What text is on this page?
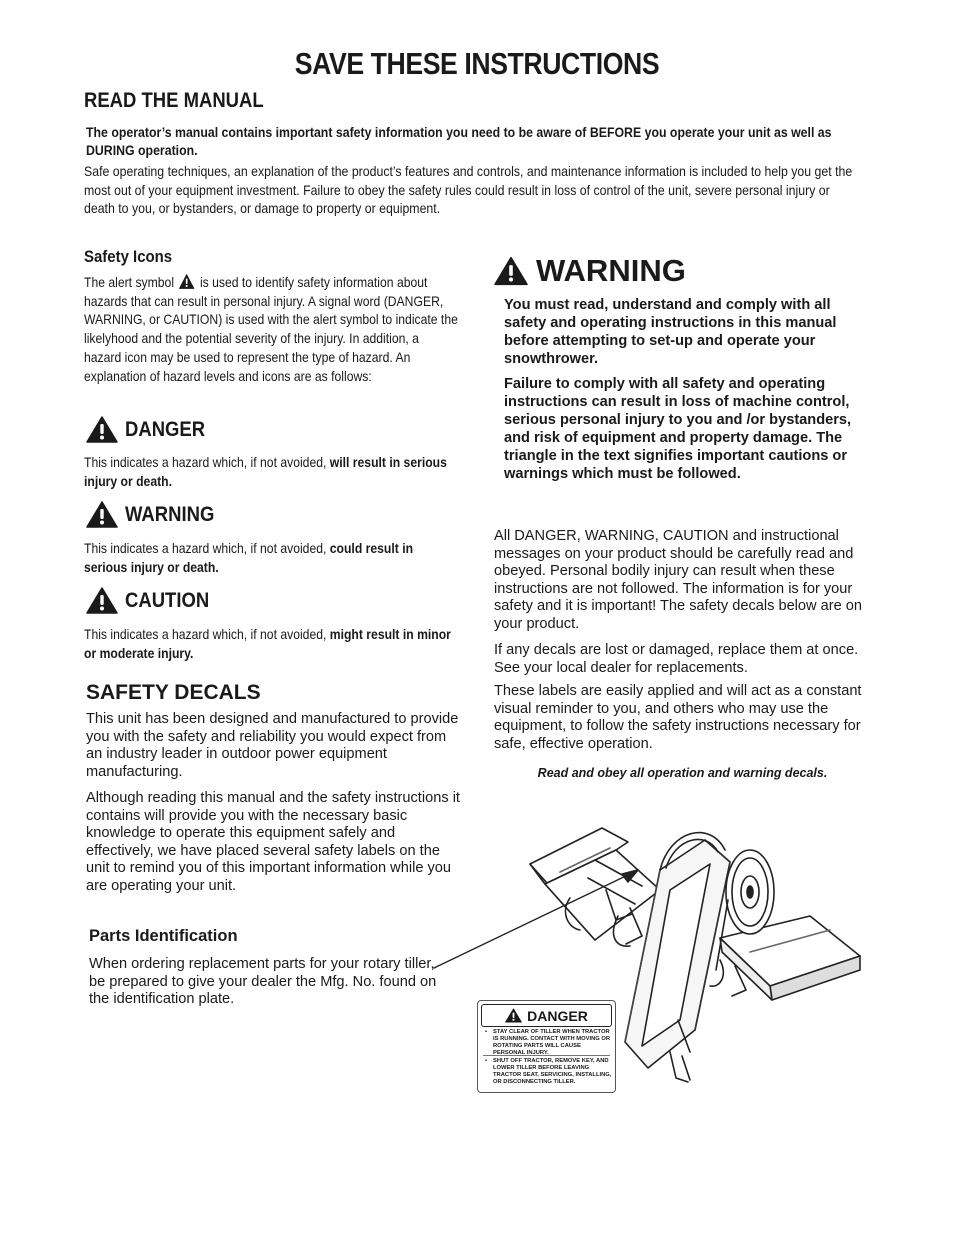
SAVE THESE INSTRUCTIONS
READ THE MANUAL
The operator’s manual contains important safety information you need to be aware of BEFORE you operate your unit as well as DURING operation.
Safe operating techniques, an explanation of the product’s features and controls, and maintenance information is included to help you get the most out of your equipment investment. Failure to obey the safety rules could result in loss of control of the unit, severe personal injury or death to you, or bystanders, or damage to property or equipment.
Safety Icons
The alert symbol is used to identify safety information about hazards that can result in personal injury. A signal word (DANGER, WARNING, or CAUTION) is used with the alert symbol to indicate the likelyhood and the potential severity of the injury. In addition, a hazard icon may be used to represent the type of hazard. An explanation of hazard levels and icons are as follows:
DANGER
This indicates a hazard which, if not avoided, will result in serious injury or death.
WARNING
This indicates a hazard which, if not avoided, could result in serious injury or death.
CAUTION
This indicates a hazard which, if not avoided, might result in minor or moderate injury.
SAFETY DECALS
This unit has been designed and manufactured to provide you with the safety and reliability you would expect from an industry leader in outdoor power equipment manufacturing.
Although reading this manual and the safety instructions it contains will provide you with the necessary basic knowledge to operate this equipment safely and effectively, we have placed several safety labels on the unit to remind you of this important information while you are operating your unit.
Parts Identification
When ordering replacement parts for your rotary tiller, be prepared to give your dealer the Mfg. No. found on the identification plate.
WARNING
You must read, understand and comply with all safety and operating instructions in this manual before attempting to set-up and operate your snowthrower.
Failure to comply with all safety and operating instructions can result in loss of machine control, serious personal injury to you and /or bystanders, and risk of equipment and property damage. The triangle in the text signifies important cautions or warnings which must be followed.
All DANGER, WARNING, CAUTION and instructional messages on your product should be carefully read and obeyed. Personal bodily injury can result when these instructions are not followed. The information is for your safety and it is important! The safety decals below are on your product.
If any decals are lost or damaged, replace them at once. See your local dealer for replacements.
These labels are easily applied and will act as a constant visual reminder to you, and others who may use the equipment, to follow the safety instructions necessary for safe, effective operation.
Read and obey all operation and warning decals.
DANGER
• STAY CLEAR OF TILLER WHEN TRACTOR IS RUNNING. CONTACT WITH MOVING OR ROTATING PARTS WILL CAUSE PERSONAL INJURY.
• SHUT OFF TRACTOR, REMOVE KEY, AND LOWER TILLER BEFORE LEAVING TRACTOR SEAT, SERVICING, INSTALLING, OR DISCONNECTING TILLER.
